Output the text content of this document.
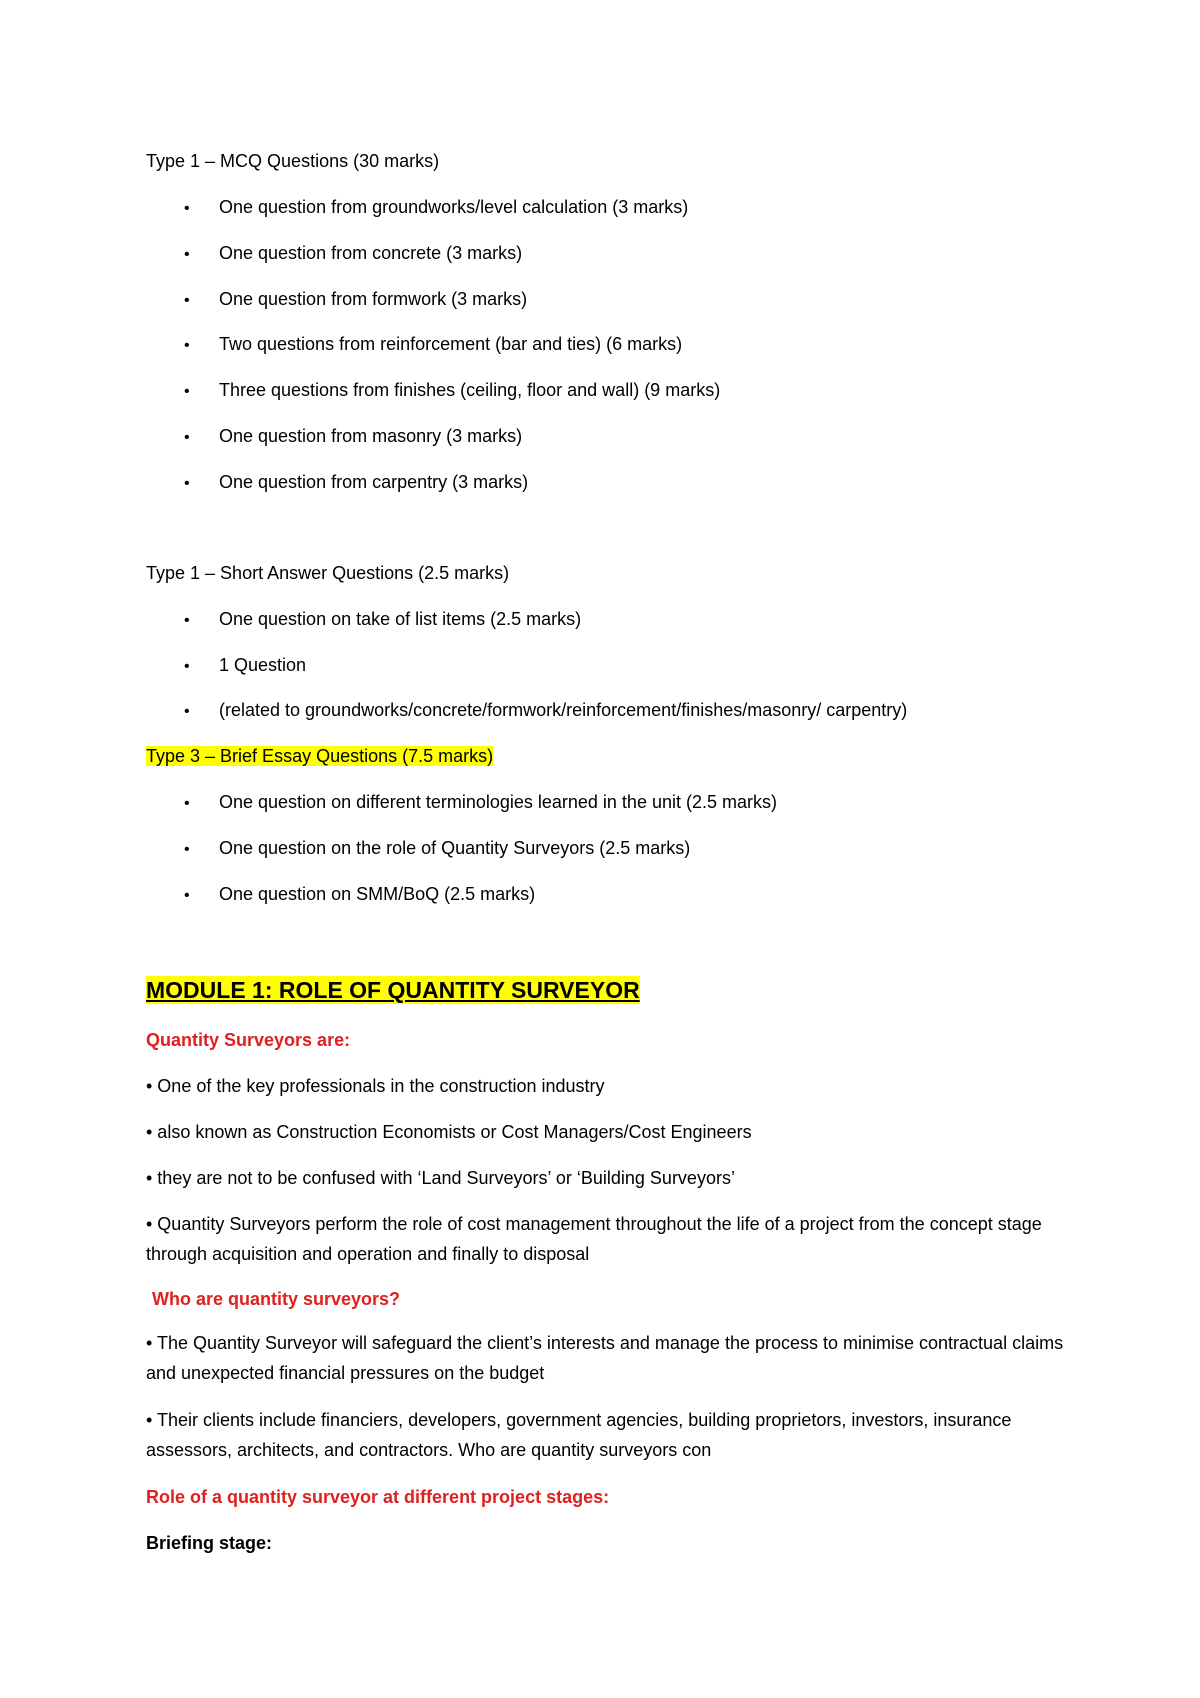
Type 1 – MCQ Questions (30 marks)
• One question from groundworks/level calculation (3 marks)
• One question from concrete (3 marks)
• One question from formwork (3 marks)
• Two questions from reinforcement (bar and ties) (6 marks)
• Three questions from finishes (ceiling, floor and wall) (9 marks)
• One question from masonry (3 marks)
• One question from carpentry (3 marks)
Type 1 – Short Answer Questions (2.5 marks)
• One question on take of list items (2.5 marks)
• 1 Question
• (related to groundworks/concrete/formwork/reinforcement/finishes/masonry/ carpentry)
Type 3 – Brief Essay Questions (7.5 marks)
• One question on different terminologies learned in the unit (2.5 marks)
• One question on the role of Quantity Surveyors (2.5 marks)
• One question on SMM/BoQ (2.5 marks)
MODULE 1: ROLE OF QUANTITY SURVEYOR
Quantity Surveyors are:
• One of the key professionals in the construction industry
• also known as Construction Economists or Cost Managers/Cost Engineers
• they are not to be confused with ‘Land Surveyors’ or ‘Building Surveyors’
• Quantity Surveyors perform the role of cost management throughout the life of a project from the concept stage through acquisition and operation and finally to disposal
Who are quantity surveyors?
• The Quantity Surveyor will safeguard the client’s interests and manage the process to minimise contractual claims and unexpected financial pressures on the budget
• Their clients include financiers, developers, government agencies, building proprietors, investors, insurance assessors, architects, and contractors. Who are quantity surveyors con
Role of a quantity surveyor at different project stages:
Briefing stage:
